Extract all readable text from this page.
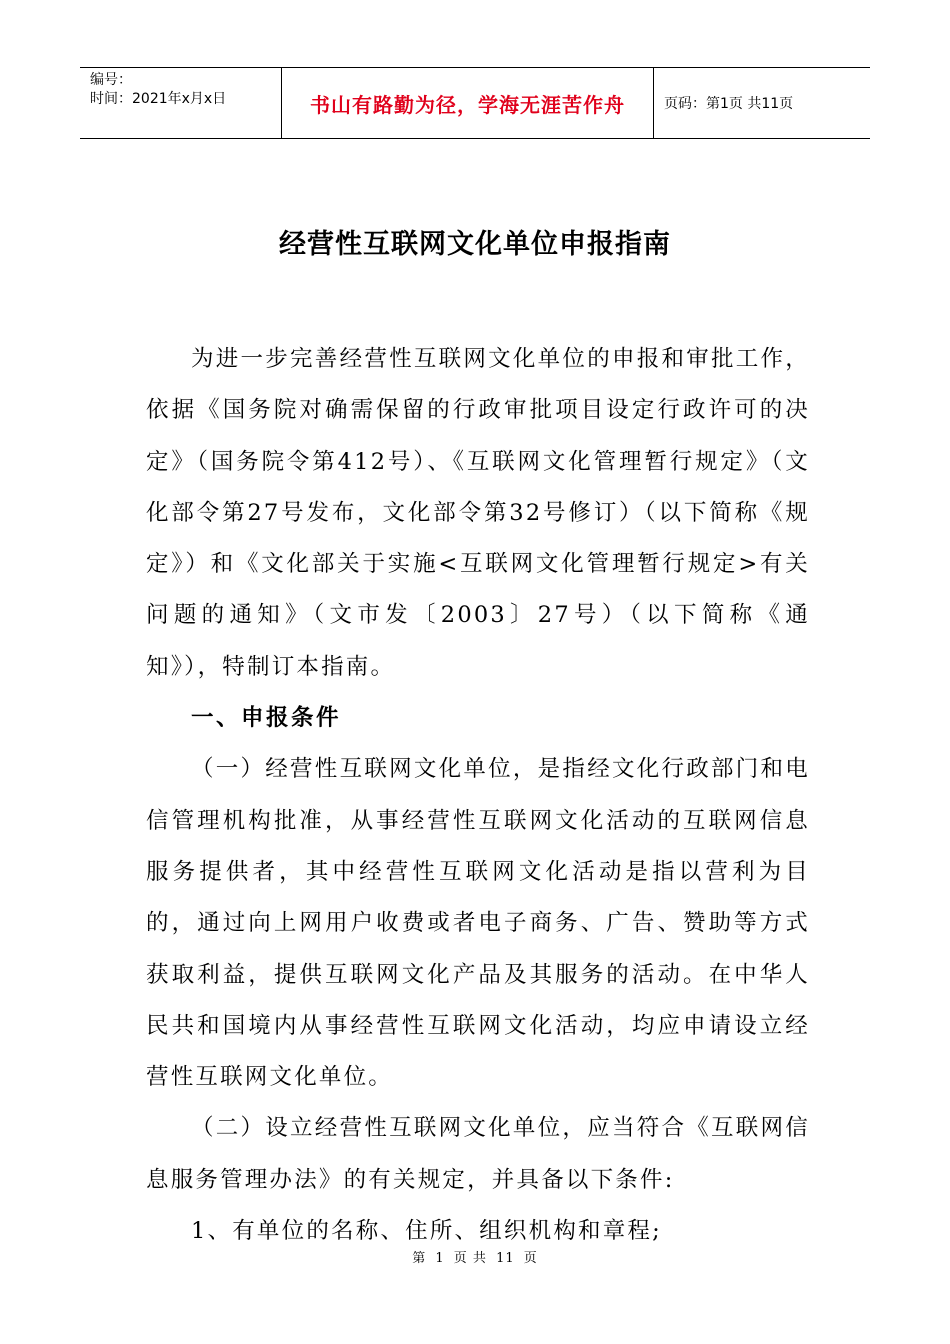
编号：
时间：2021年x月x日	书山有路勤为径，学海无涯苦作舟	页码：第1页 共11页
经营性互联网文化单位申报指南

为进一步完善经营性互联网文化单位的申报和审批工作，依据《国务院对确需保留的行政审批项目设定行政许可的决定》（国务院令第412号）、《互联网文化管理暂行规定》（文化部令第27号发布，文化部令第32号修订）（以下简称《规定》）和《文化部关于实施<互联网文化管理暂行规定>有关问题的通知》（文市发〔2003〕27号）（以下简称《通知》），特制订本指南。

一、申报条件

（一）经营性互联网文化单位，是指经文化行政部门和电信管理机构批准，从事经营性互联网文化活动的互联网信息服务提供者，其中经营性互联网文化活动是指以营利为目的，通过向上网用户收费或者电子商务、广告、赞助等方式获取利益，提供互联网文化产品及其服务的活动。在中华人民共和国境内从事经营性互联网文化活动，均应申请设立经营性互联网文化单位。

（二）设立经营性互联网文化单位，应当符合《互联网信息服务管理办法》的有关规定，并具备以下条件:

1、有单位的名称、住所、组织机构和章程;

第 1 页 共 11 页
